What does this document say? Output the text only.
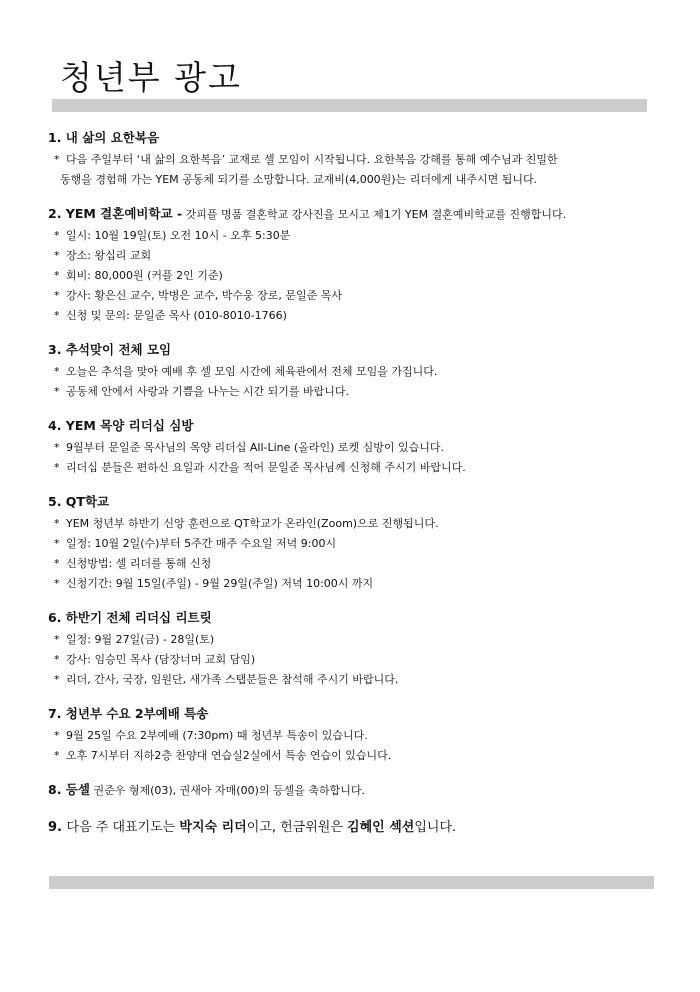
청년부 광고
1. 내 삶의 요한복음
* 다음 주일부터 ‘내 삶의 요한복음’ 교재로 셀 모임이 시작됩니다. 요한복음 강해를 통해 예수님과 친밀한
동행을 경험해 가는 YEM 공동체 되기를 소망합니다. 교재비(4,000원)는 리더에게 내주시면 됩니다.
2. YEM 결혼예비학교 - 갓피플 명품 결혼학교 강사진을 모시고 제1기 YEM 결혼예비학교를 진행합니다.
* 일시: 10월 19일(토) 오전 10시 - 오후 5:30분
* 장소: 왕십리 교회
* 회비: 80,000원 (커플 2인 기준)
* 강사: 황은신 교수, 박병은 교수, 박수웅 장로, 문일준 목사
* 신청 및 문의: 문일준 목사 (010-8010-1766)
3. 추석맞이 전체 모임
* 오늘은 추석을 맞아 예배 후 셀 모임 시간에 체육관에서 전체 모임을 가집니다.
* 공동체 안에서 사랑과 기쁨을 나누는 시간 되기를 바랍니다.
4. YEM 목양 리더십 심방
* 9월부터 문일준 목사님의 목양 리더십 All-Line (올라인) 로켓 심방이 있습니다.
* 리더십 분들은 편하신 요일과 시간을 적어 문일준 목사님께 신청해 주시기 바랍니다.
5. QT학교
* YEM 청년부 하반기 신앙 훈련으로 QT학교가 온라인(Zoom)으로 진행됩니다.
* 일정: 10월 2일(수)부터 5주간 매주 수요일 저녁 9:00시
* 신청방법: 셀 리더를 통해 신청
* 신청기간: 9월 15일(주일) - 9월 29일(주일) 저녁 10:00시 까지
6. 하반기 전체 리더십 리트릿
* 일정: 9월 27일(금) - 28일(토)
* 강사: 임승민 목사 (담장너머 교회 담임)
* 리더, 간사, 국장, 임원단, 새가족 스탭분들은 참석해 주시기 바랍니다.
7. 청년부 수요 2부예배 특송
* 9월 25일 수요 2부예배 (7:30pm) 때 청년부 특송이 있습니다.
* 오후 7시부터 지하2층 찬양대 연습실2실에서 특송 연습이 있습니다.
8. 등셀 권준우 형제(03), 권새아 자매(00)의 등셀을 축하합니다.
9. 다음 주 대표기도는 박지숙 리더이고, 헌금위원은 김혜인 섹션입니다.
